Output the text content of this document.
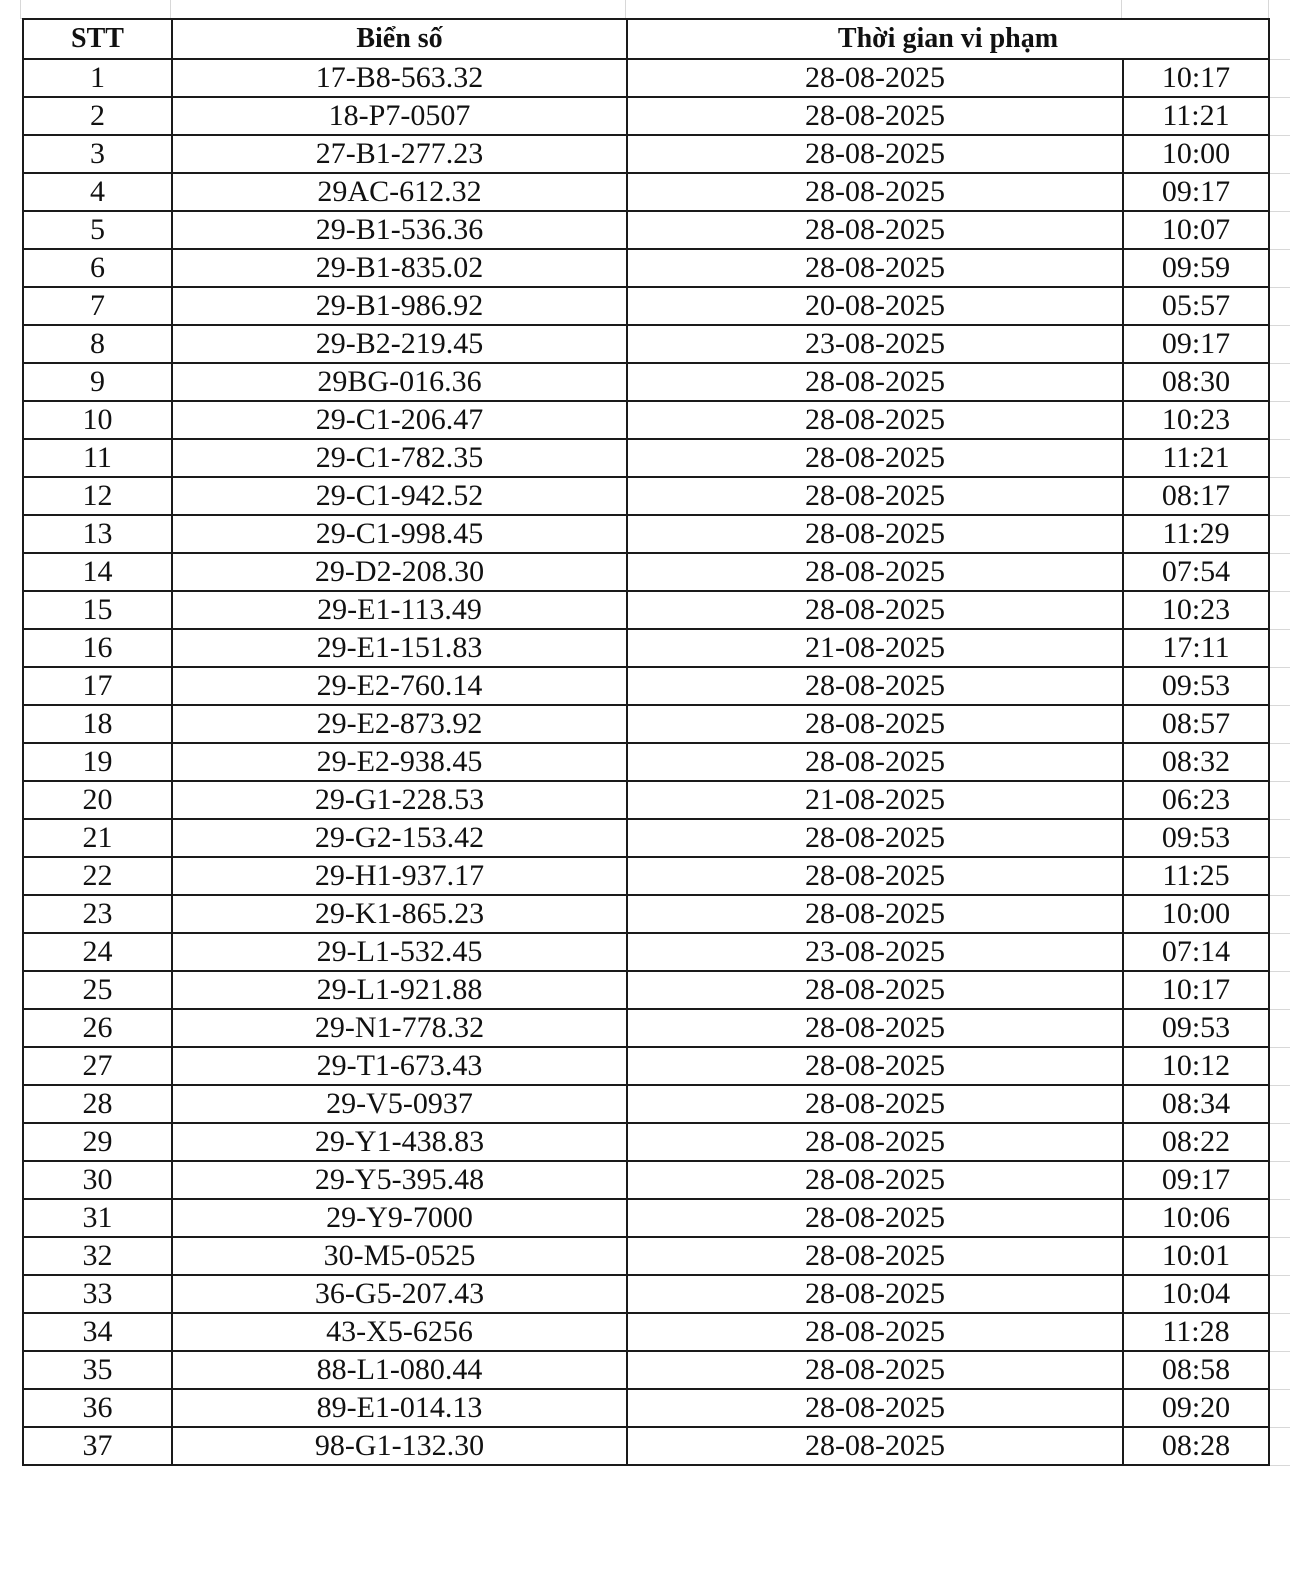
STT	Biển số	Thời gian vi phạm	
1	17-B8-563.32	28-08-2025	10:17
2	18-P7-0507	28-08-2025	11:21
3	27-B1-277.23	28-08-2025	10:00
4	29AC-612.32	28-08-2025	09:17
5	29-B1-536.36	28-08-2025	10:07
6	29-B1-835.02	28-08-2025	09:59
7	29-B1-986.92	20-08-2025	05:57
8	29-B2-219.45	23-08-2025	09:17
9	29BG-016.36	28-08-2025	08:30
10	29-C1-206.47	28-08-2025	10:23
11	29-C1-782.35	28-08-2025	11:21
12	29-C1-942.52	28-08-2025	08:17
13	29-C1-998.45	28-08-2025	11:29
14	29-D2-208.30	28-08-2025	07:54
15	29-E1-113.49	28-08-2025	10:23
16	29-E1-151.83	21-08-2025	17:11
17	29-E2-760.14	28-08-2025	09:53
18	29-E2-873.92	28-08-2025	08:57
19	29-E2-938.45	28-08-2025	08:32
20	29-G1-228.53	21-08-2025	06:23
21	29-G2-153.42	28-08-2025	09:53
22	29-H1-937.17	28-08-2025	11:25
23	29-K1-865.23	28-08-2025	10:00
24	29-L1-532.45	23-08-2025	07:14
25	29-L1-921.88	28-08-2025	10:17
26	29-N1-778.32	28-08-2025	09:53
27	29-T1-673.43	28-08-2025	10:12
28	29-V5-0937	28-08-2025	08:34
29	29-Y1-438.83	28-08-2025	08:22
30	29-Y5-395.48	28-08-2025	09:17
31	29-Y9-7000	28-08-2025	10:06
32	30-M5-0525	28-08-2025	10:01
33	36-G5-207.43	28-08-2025	10:04
34	43-X5-6256	28-08-2025	11:28
35	88-L1-080.44	28-08-2025	08:58
36	89-E1-014.13	28-08-2025	09:20
37	98-G1-132.30	28-08-2025	08:28
